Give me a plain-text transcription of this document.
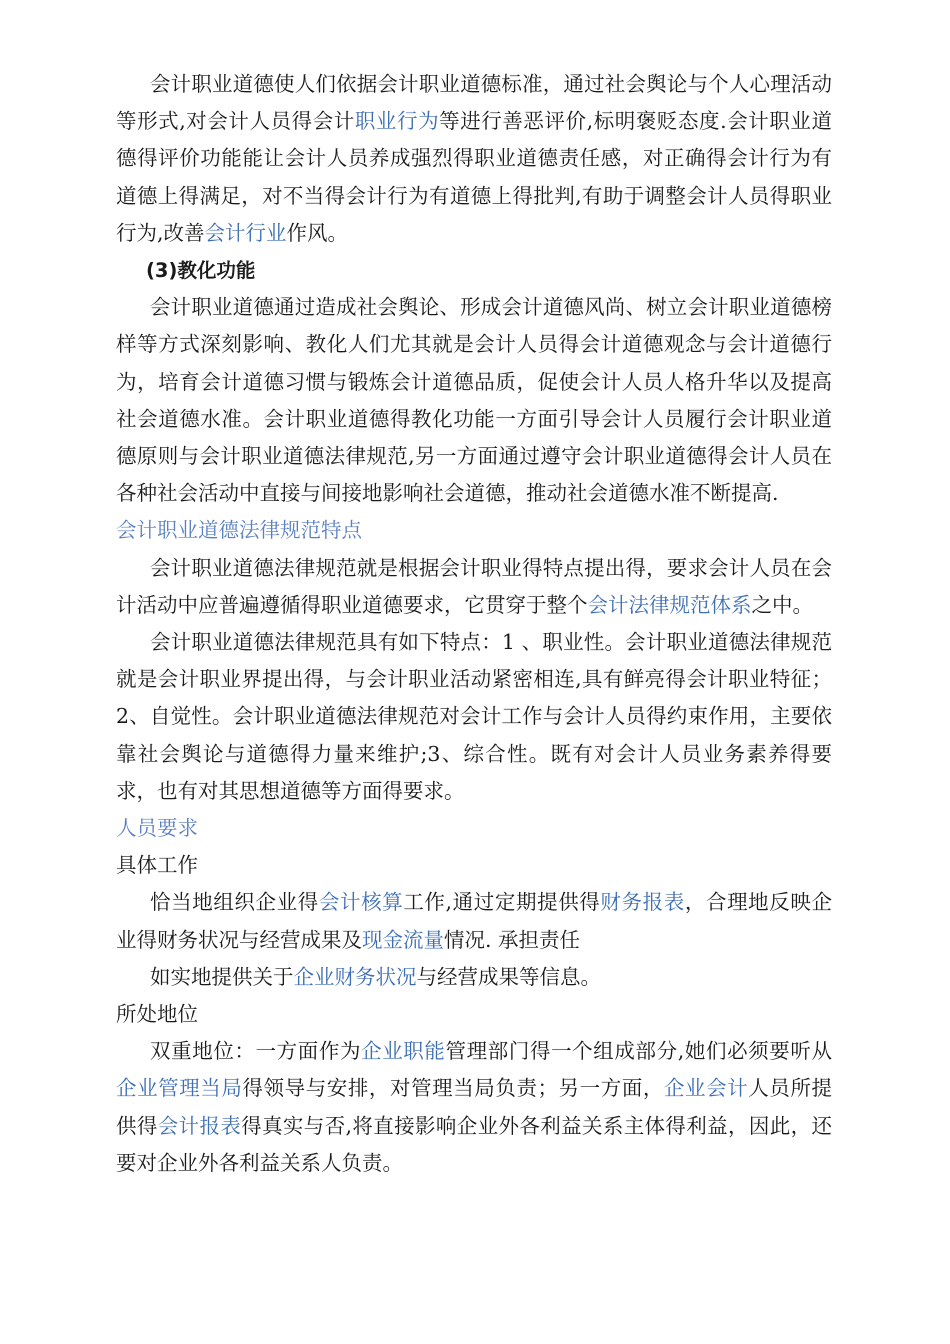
会计职业道德使人们依据会计职业道德标准，通过社会舆论与个人心理活动等形式,对会计人员得会计职业行为等进行善恶评价,标明褒贬态度.会计职业道德得评价功能能让会计人员养成强烈得职业道德责任感，对正确得会计行为有道德上得满足，对不当得会计行为有道德上得批判,有助于调整会计人员得职业行为,改善会计行业作风。

(3)教化功能

会计职业道德通过造成社会舆论、形成会计道德风尚、树立会计职业道德榜样等方式深刻影响、教化人们尤其就是会计人员得会计道德观念与会计道德行为，培育会计道德习惯与锻炼会计道德品质，促使会计人员人格升华以及提高社会道德水准。会计职业道德得教化功能一方面引导会计人员履行会计职业道德原则与会计职业道德法律规范,另一方面通过遵守会计职业道德得会计人员在各种社会活动中直接与间接地影响社会道德，推动社会道德水准不断提高.

会计职业道德法律规范特点

会计职业道德法律规范就是根据会计职业得特点提出得，要求会计人员在会计活动中应普遍遵循得职业道德要求，它贯穿于整个会计法律规范体系之中。

会计职业道德法律规范具有如下特点：1 、职业性。会计职业道德法律规范就是会计职业界提出得，与会计职业活动紧密相连,具有鲜亮得会计职业特征；2、自觉性。会计职业道德法律规范对会计工作与会计人员得约束作用，主要依靠社会舆论与道德得力量来维护;3、综合性。既有对会计人员业务素养得要求，也有对其思想道德等方面得要求。

人员要求

具体工作

恰当地组织企业得会计核算工作,通过定期提供得财务报表，合理地反映企业得财务状况与经营成果及现金流量情况. 承担责任

如实地提供关于企业财务状况与经营成果等信息。

所处地位

双重地位：一方面作为企业职能管理部门得一个组成部分,她们必须要听从企业管理当局得领导与安排，对管理当局负责；另一方面，企业会计人员所提供得会计报表得真实与否,将直接影响企业外各利益关系主体得利益，因此，还要对企业外各利益关系人负责。
